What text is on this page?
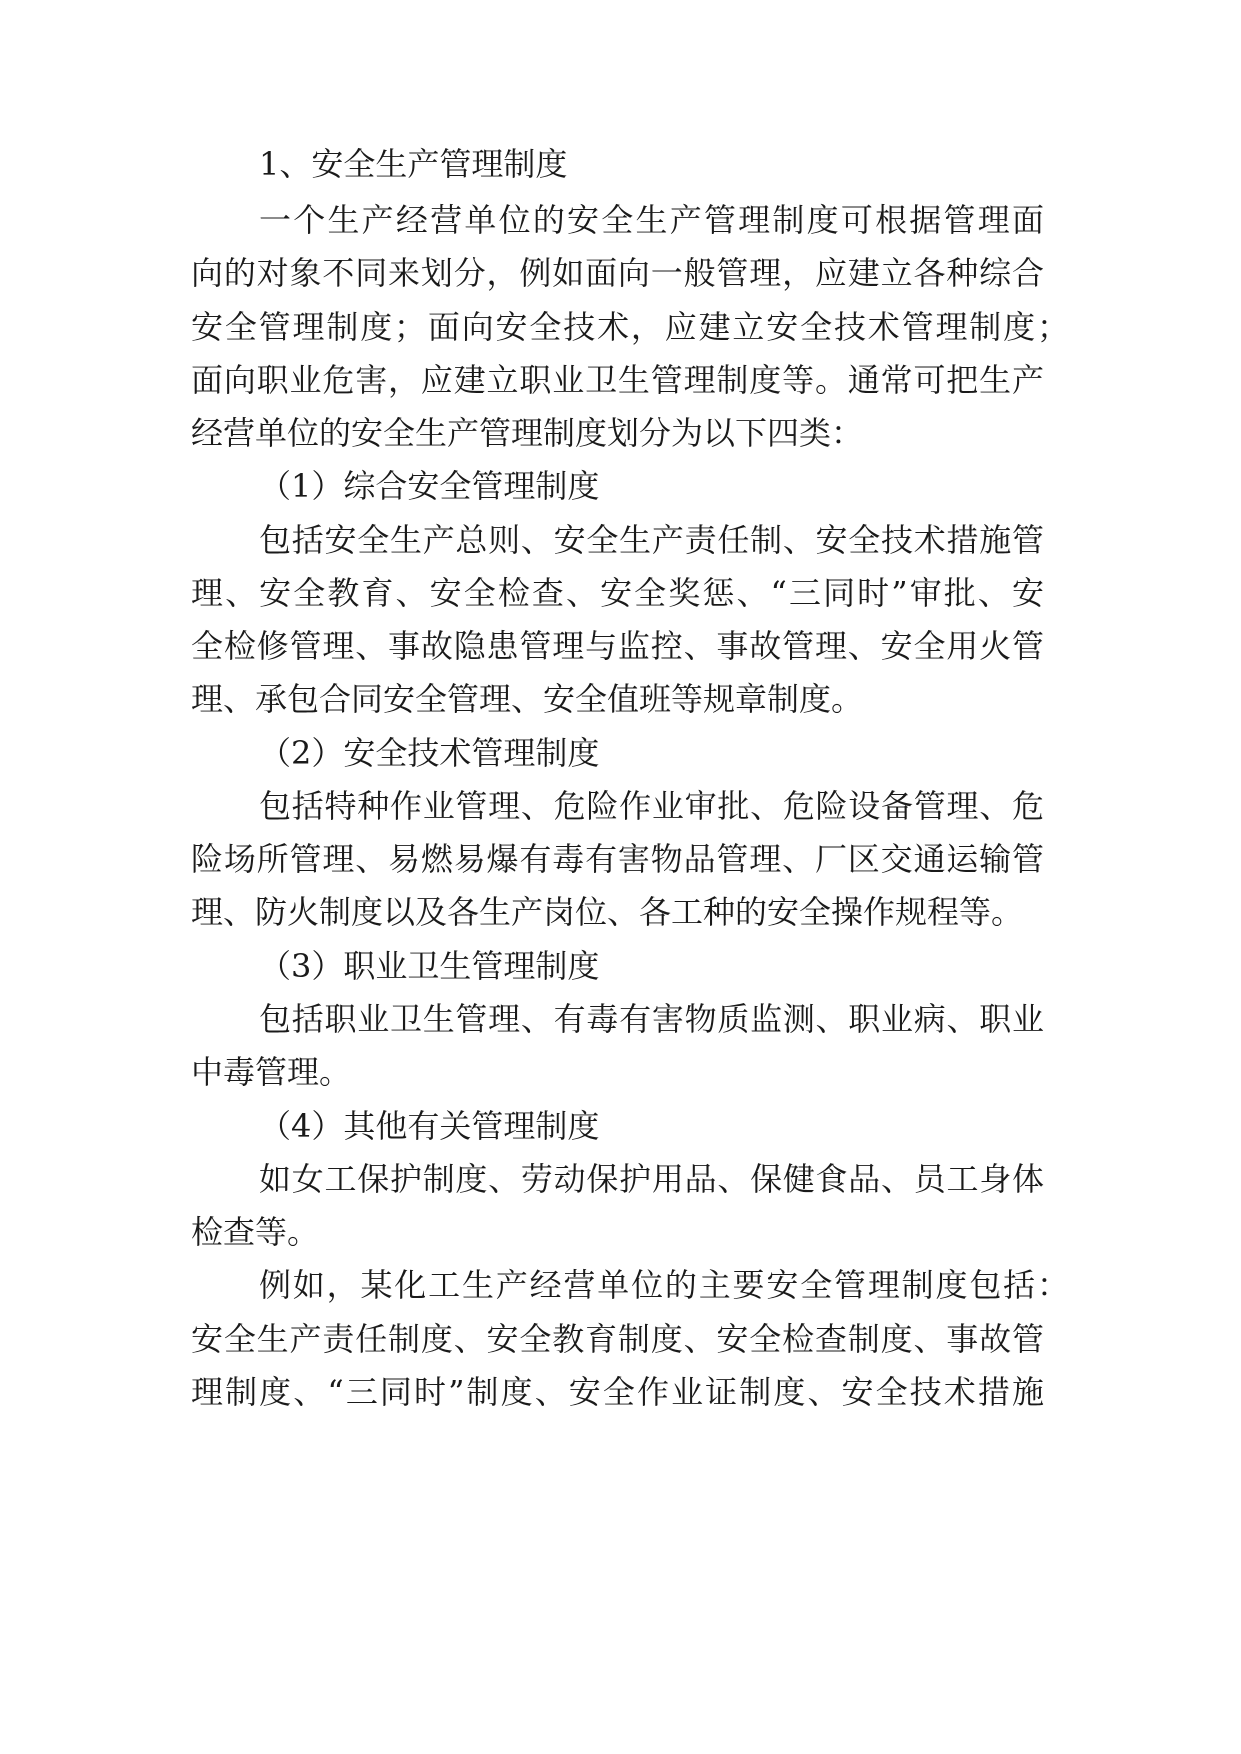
1、安全生产管理制度
一个生产经营单位的安全生产管理制度可根据管理面
向的对象不同来划分，例如面向一般管理，应建立各种综合
安全管理制度；面向安全技术，应建立安全技术管理制度；
面向职业危害，应建立职业卫生管理制度等。通常可把生产
经营单位的安全生产管理制度划分为以下四类：
（1）综合安全管理制度
包括安全生产总则、安全生产责任制、安全技术措施管
理、安全教育、安全检查、安全奖惩、“三同时”审批、安
全检修管理、事故隐患管理与监控、事故管理、安全用火管
理、承包合同安全管理、安全值班等规章制度。
（2）安全技术管理制度
包括特种作业管理、危险作业审批、危险设备管理、危
险场所管理、易燃易爆有毒有害物品管理、厂区交通运输管
理、防火制度以及各生产岗位、各工种的安全操作规程等。
（3）职业卫生管理制度
包括职业卫生管理、有毒有害物质监测、职业病、职业
中毒管理。
（4）其他有关管理制度
如女工保护制度、劳动保护用品、保健食品、员工身体
检查等。
例如，某化工生产经营单位的主要安全管理制度包括：
安全生产责任制度、安全教育制度、安全检查制度、事故管
理制度、“三同时”制度、安全作业证制度、安全技术措施
